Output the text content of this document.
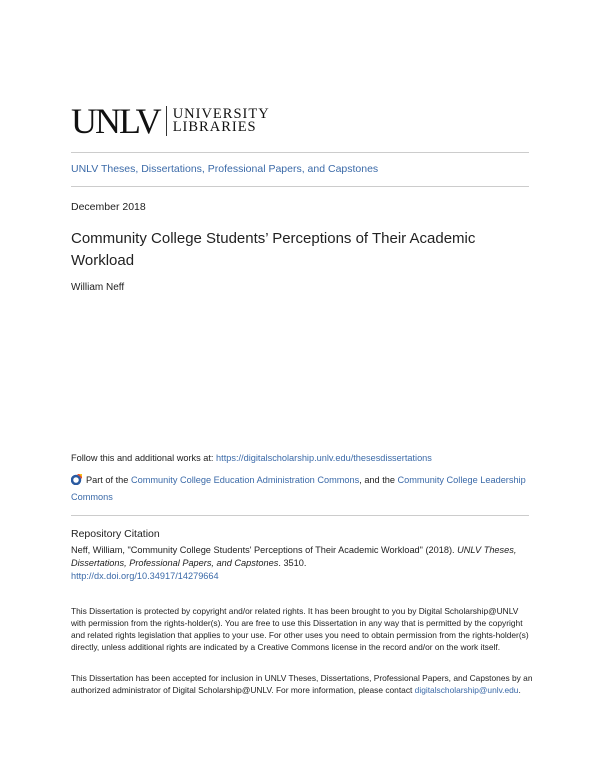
UNLV UNIVERSITY
LIBRARIES
UNLV Theses, Dissertations, Professional Papers, and Capstones
December 2018
Community College Students’ Perceptions of Their Academic Workload
William Neff
Follow this and additional works at: https://digitalscholarship.unlv.edu/thesesdissertations
Part of the Community College Education Administration Commons, and the Community College Leadership Commons
Repository Citation
Neff, William, "Community College Students' Perceptions of Their Academic Workload" (2018). UNLV Theses, Dissertations, Professional Papers, and Capstones. 3510.
http://dx.doi.org/10.34917/14279664
This Dissertation is protected by copyright and/or related rights. It has been brought to you by Digital Scholarship@UNLV with permission from the rights-holder(s). You are free to use this Dissertation in any way that is permitted by the copyright and related rights legislation that applies to your use. For other uses you need to obtain permission from the rights-holder(s) directly, unless additional rights are indicated by a Creative Commons license in the record and/or on the work itself.
This Dissertation has been accepted for inclusion in UNLV Theses, Dissertations, Professional Papers, and Capstones by an authorized administrator of Digital Scholarship@UNLV. For more information, please contact digitalscholarship@unlv.edu.
